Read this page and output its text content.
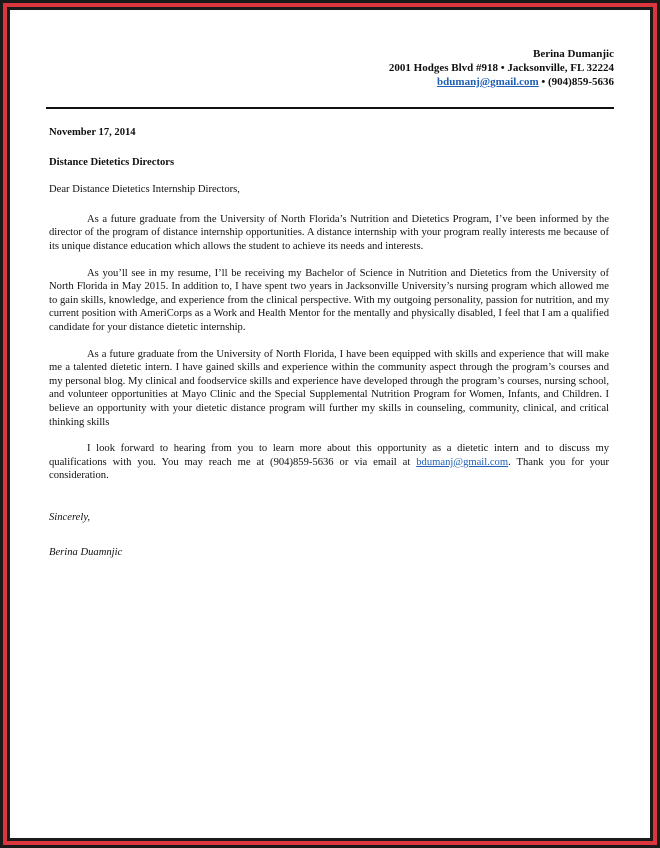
Berina Dumanjic
2001 Hodges Blvd #918 • Jacksonville, FL 32224
bdumanj@gmail.com • (904)859-5636
November 17, 2014
Distance Dietetics Directors
Dear Distance Dietetics Internship Directors,

As a future graduate from the University of North Florida’s Nutrition and Dietetics Program, I’ve been informed by the director of the program of distance internship opportunities. A distance internship with your program really interests me because of its unique distance education which allows the student to achieve its needs and interests.

As you’ll see in my resume, I’ll be receiving my Bachelor of Science in Nutrition and Dietetics from the University of North Florida in May 2015. In addition to, I have spent two years in Jacksonville University’s nursing program which allowed me to gain skills, knowledge, and experience from the clinical perspective. With my outgoing personality, passion for nutrition, and my current position with AmeriCorps as a Work and Health Mentor for the mentally and physically disabled, I feel that I am a qualified candidate for your distance dietetic internship.

As a future graduate from the University of North Florida, I have been equipped with skills and experience that will make me a talented dietetic intern. I have gained skills and experience within the community aspect through the program’s courses and my personal blog. My clinical and foodservice skills and experience have developed through the program’s courses, nursing school, and volunteer opportunities at Mayo Clinic and the Special Supplemental Nutrition Program for Women, Infants, and Children. I believe an opportunity with your dietetic distance program will further my skills in counseling, community, clinical, and critical thinking skills

I look forward to hearing from you to learn more about this opportunity as a dietetic intern and to discuss my qualifications with you. You may reach me at (904)859-5636 or via email at bdumanj@gmail.com. Thank you for your consideration.

Sincerely,
Berina Duamnjic
